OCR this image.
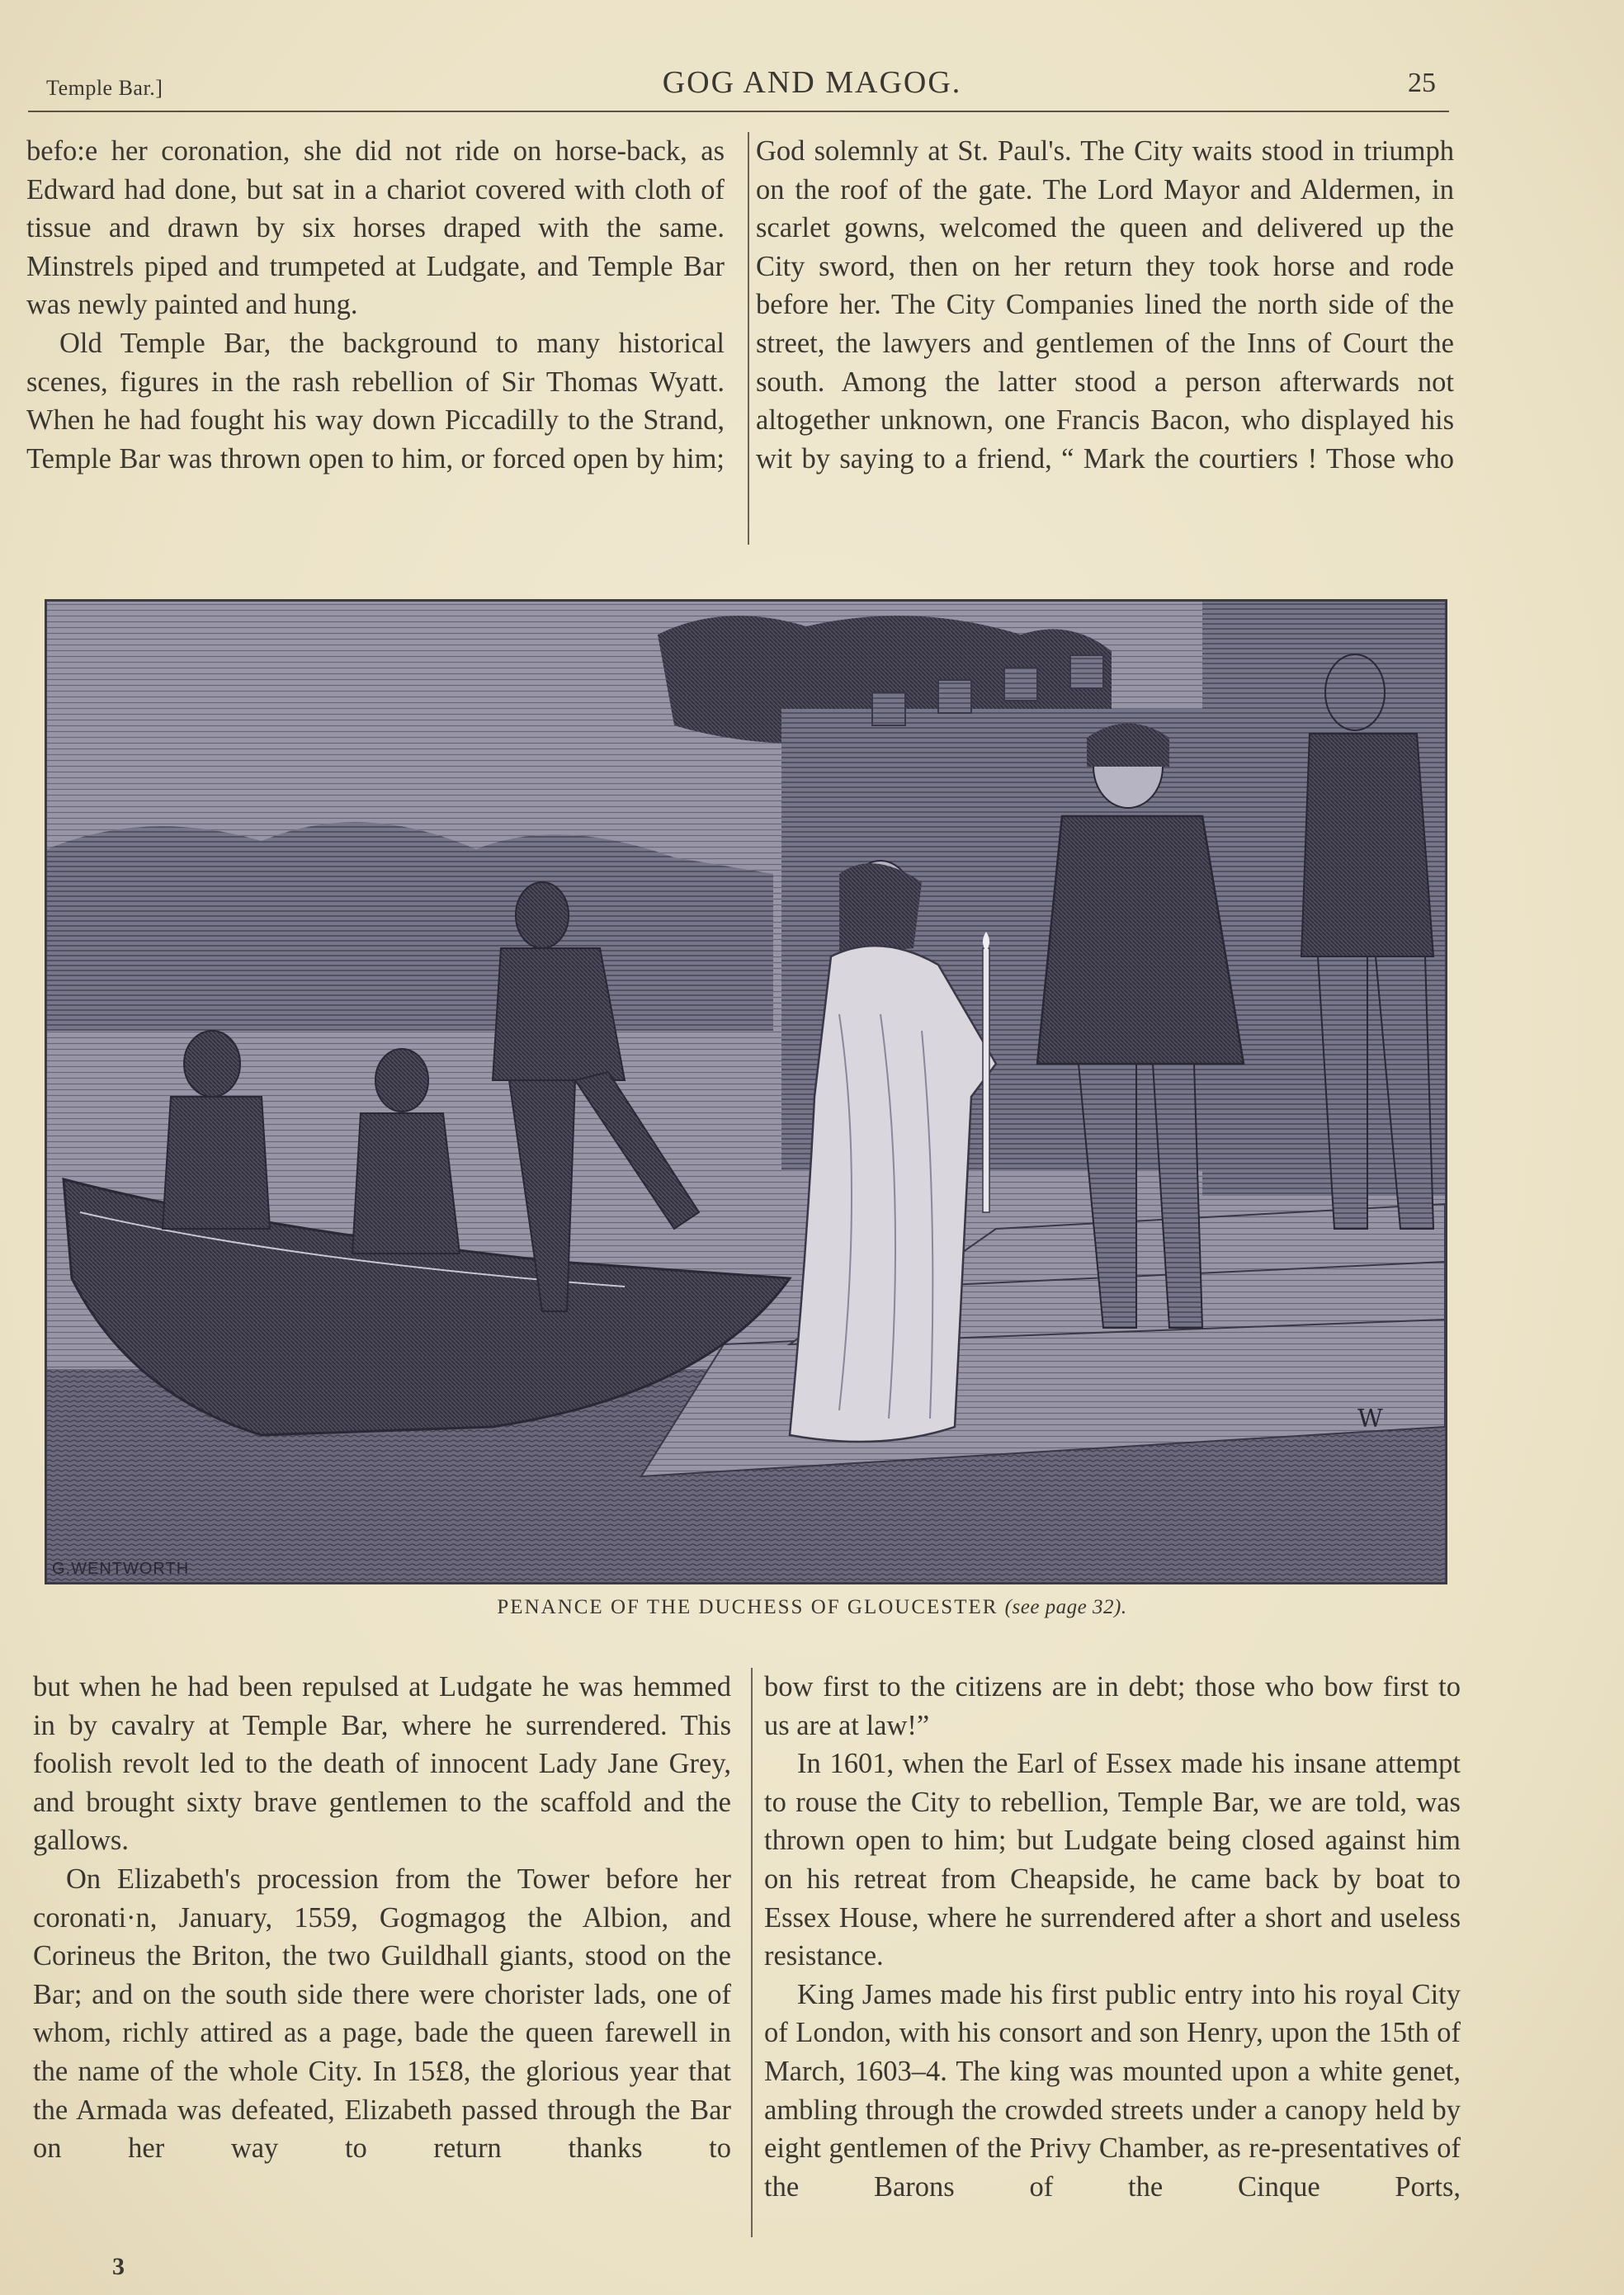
Temple Bar.]	GOG AND MAGOG.	25

befo:e her coronation, she did not ride on horse-back, as Edward had done, but sat in a chariot covered with cloth of tissue and drawn by six horses draped with the same. Minstrels piped and trumpeted at Ludgate, and Temple Bar was newly painted and hung.

Old Temple Bar, the background to many historical scenes, figures in the rash rebellion of Sir Thomas Wyatt. When he had fought his way down Piccadilly to the Strand, Temple Bar was thrown open to him, or forced open by him;

God solemnly at St. Paul's. The City waits stood in triumph on the roof of the gate. The Lord Mayor and Aldermen, in scarlet gowns, welcomed the queen and delivered up the City sword, then on her return they took horse and rode before her. The City Companies lined the north side of the street, the lawyers and gentlemen of the Inns of Court the south. Among the latter stood a person afterwards not altogether unknown, one Francis Bacon, who displayed his wit by saying to a friend, “ Mark the courtiers ! Those who

W
G.WENTWORTH
PENANCE OF THE DUCHESS OF GLOUCESTER (see page 32).

but when he had been repulsed at Ludgate he was hemmed in by cavalry at Temple Bar, where he surrendered. This foolish revolt led to the death of innocent Lady Jane Grey, and brought sixty brave gentlemen to the scaffold and the gallows.

On Elizabeth's procession from the Tower before her coronati·n, January, 1559, Gogmagog the Albion, and Corineus the Briton, the two Guildhall giants, stood on the Bar; and on the south side there were chorister lads, one of whom, richly attired as a page, bade the queen farewell in the name of the whole City. In 15£8, the glorious year that the Armada was defeated, Elizabeth passed through the Bar on her way to return thanks to

bow first to the citizens are in debt; those who bow first to us are at law!”

In 1601, when the Earl of Essex made his insane attempt to rouse the City to rebellion, Temple Bar, we are told, was thrown open to him; but Ludgate being closed against him on his retreat from Cheapside, he came back by boat to Essex House, where he surrendered after a short and useless resistance.

King James made his first public entry into his royal City of London, with his consort and son Henry, upon the 15th of March, 1603–4. The king was mounted upon a white genet, ambling through the crowded streets under a canopy held by eight gentlemen of the Privy Chamber, as re-presentatives of the Barons of the Cinque Ports,

3
